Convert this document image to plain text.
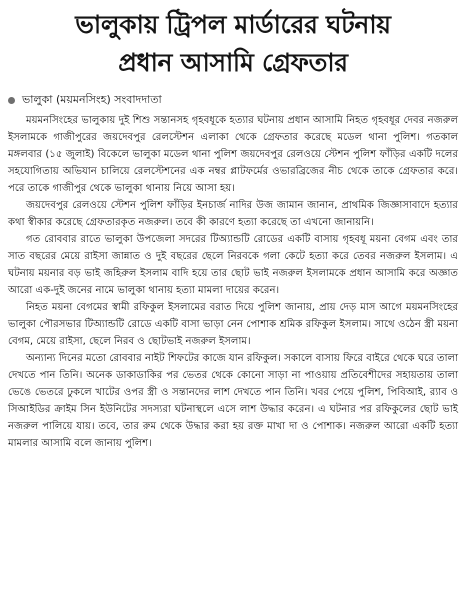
ভালুকায় ট্রিপল মার্ডারের ঘটনায়
প্রধান আসামি গ্রেফতার
ভালুকা (ময়মনসিংহ) সংবাদদাতা

ময়মনসিংহের ভালুকায় দুই শিশু সন্তানসহ গৃহবধূকে হত্যার ঘটনায় প্রধান আসামি নিহত গৃহবধূর দেবর নজরুল ইসলামকে গাজীপুরের জয়দেবপুর রেলস্টেশন এলাকা থেকে গ্রেফতার করেছে মডেল থানা পুলিশ। গতকাল মঙ্গলবার (১৫ জুলাই) বিকেলে ভালুকা মডেল থানা পুলিশ জয়দেবপুর রেলওয়ে স্টেশন পুলিশ ফাঁড়ির একটি দলের সহযোগিতায় অভিযান চালিয়ে রেলস্টেশনের এক নম্বর প্লাটফর্মের ওভারব্রিজের নীচ থেকে তাকে গ্রেফতার করে। পরে তাকে গাজীপুর থেকে ভালুকা থানায় নিয়ে আসা হয়।

জয়দেবপুর রেলওয়ে স্টেশন পুলিশ ফাঁড়ির ইনচার্জ নাদির উজ জামান জানান, প্রাথমিক জিজ্ঞাসাবাদে হত্যার কথা স্বীকার করেছে গ্রেফতারকৃত নজরুল। তবে কী কারণে হত্যা করেছে তা এখনো জানায়নি।

গত রোববার রাতে ভালুকা উপজেলা সদরের টিঅ্যান্ডটি রোডের একটি বাসায় গৃহবধূ ময়না বেগম এবং তার সাত বছরের মেয়ে রাইসা জান্নাত ও দুই বছরের ছেলে নিরবকে গলা কেটে হত্যা করে তেবর নজরুল ইসলাম। এ ঘটনায় ময়নার বড় ভাই জহিরুল ইসলাম বাদি হয়ে তার ছোট ভাই নজরুল ইসলামকে প্রধান আসামি করে অজ্ঞাত আরো এক-দুই জনের নামে ভালুকা থানায় হত্যা মামলা দায়ের করেন।

নিহত ময়না বেগমের স্বামী রফিকুল ইসলামের বরাত দিয়ে পুলিশ জানায়, প্রায় দেড় মাস আগে ময়মনসিংহের ভালুকা পৌরসভার টিঅ্যান্ডটি রোডে একটি বাসা ভাড়া নেন পোশাক শ্রমিক রফিকুল ইসলাম। সাথে ওঠেন স্ত্রী ময়না বেগম, মেয়ে রাইসা, ছেলে নিরব ও ছোটভাই নজরুল ইসলাম।

অন্যান্য দিনের মতো রোববার নাইট শিফটের কাজে যান রফিকুল। সকালে বাসায় ফিরে বাইরে থেকে ঘরে তালা দেখতে পান তিনি। অনেক ডাকাডাকির পর ভেতর থেকে কোনো সাড়া না পাওয়ায় প্রতিবেশীদের সহায়তায় তালা ভেঙে ভেতরে ঢুকলে খাটের ওপর স্ত্রী ও সন্তানদের লাশ দেখতে পান তিনি। খবর পেয়ে পুলিশ, পিবিআই, র‍্যাব ও সিআইডির ক্রাইম সিন ইউনিটের সদস্যরা ঘটনাস্থলে এসে লাশ উদ্ধার করেন। এ ঘটনার পর রফিকুলের ছোট ভাই নজরুল পালিয়ে যায়। তবে, তার রুম থেকে উদ্ধার করা হয় রক্ত মাখা দা ও পোশাক। নজরুল আরো একটি হত্যা মামলার আসামি বলে জানায় পুলিশ।
